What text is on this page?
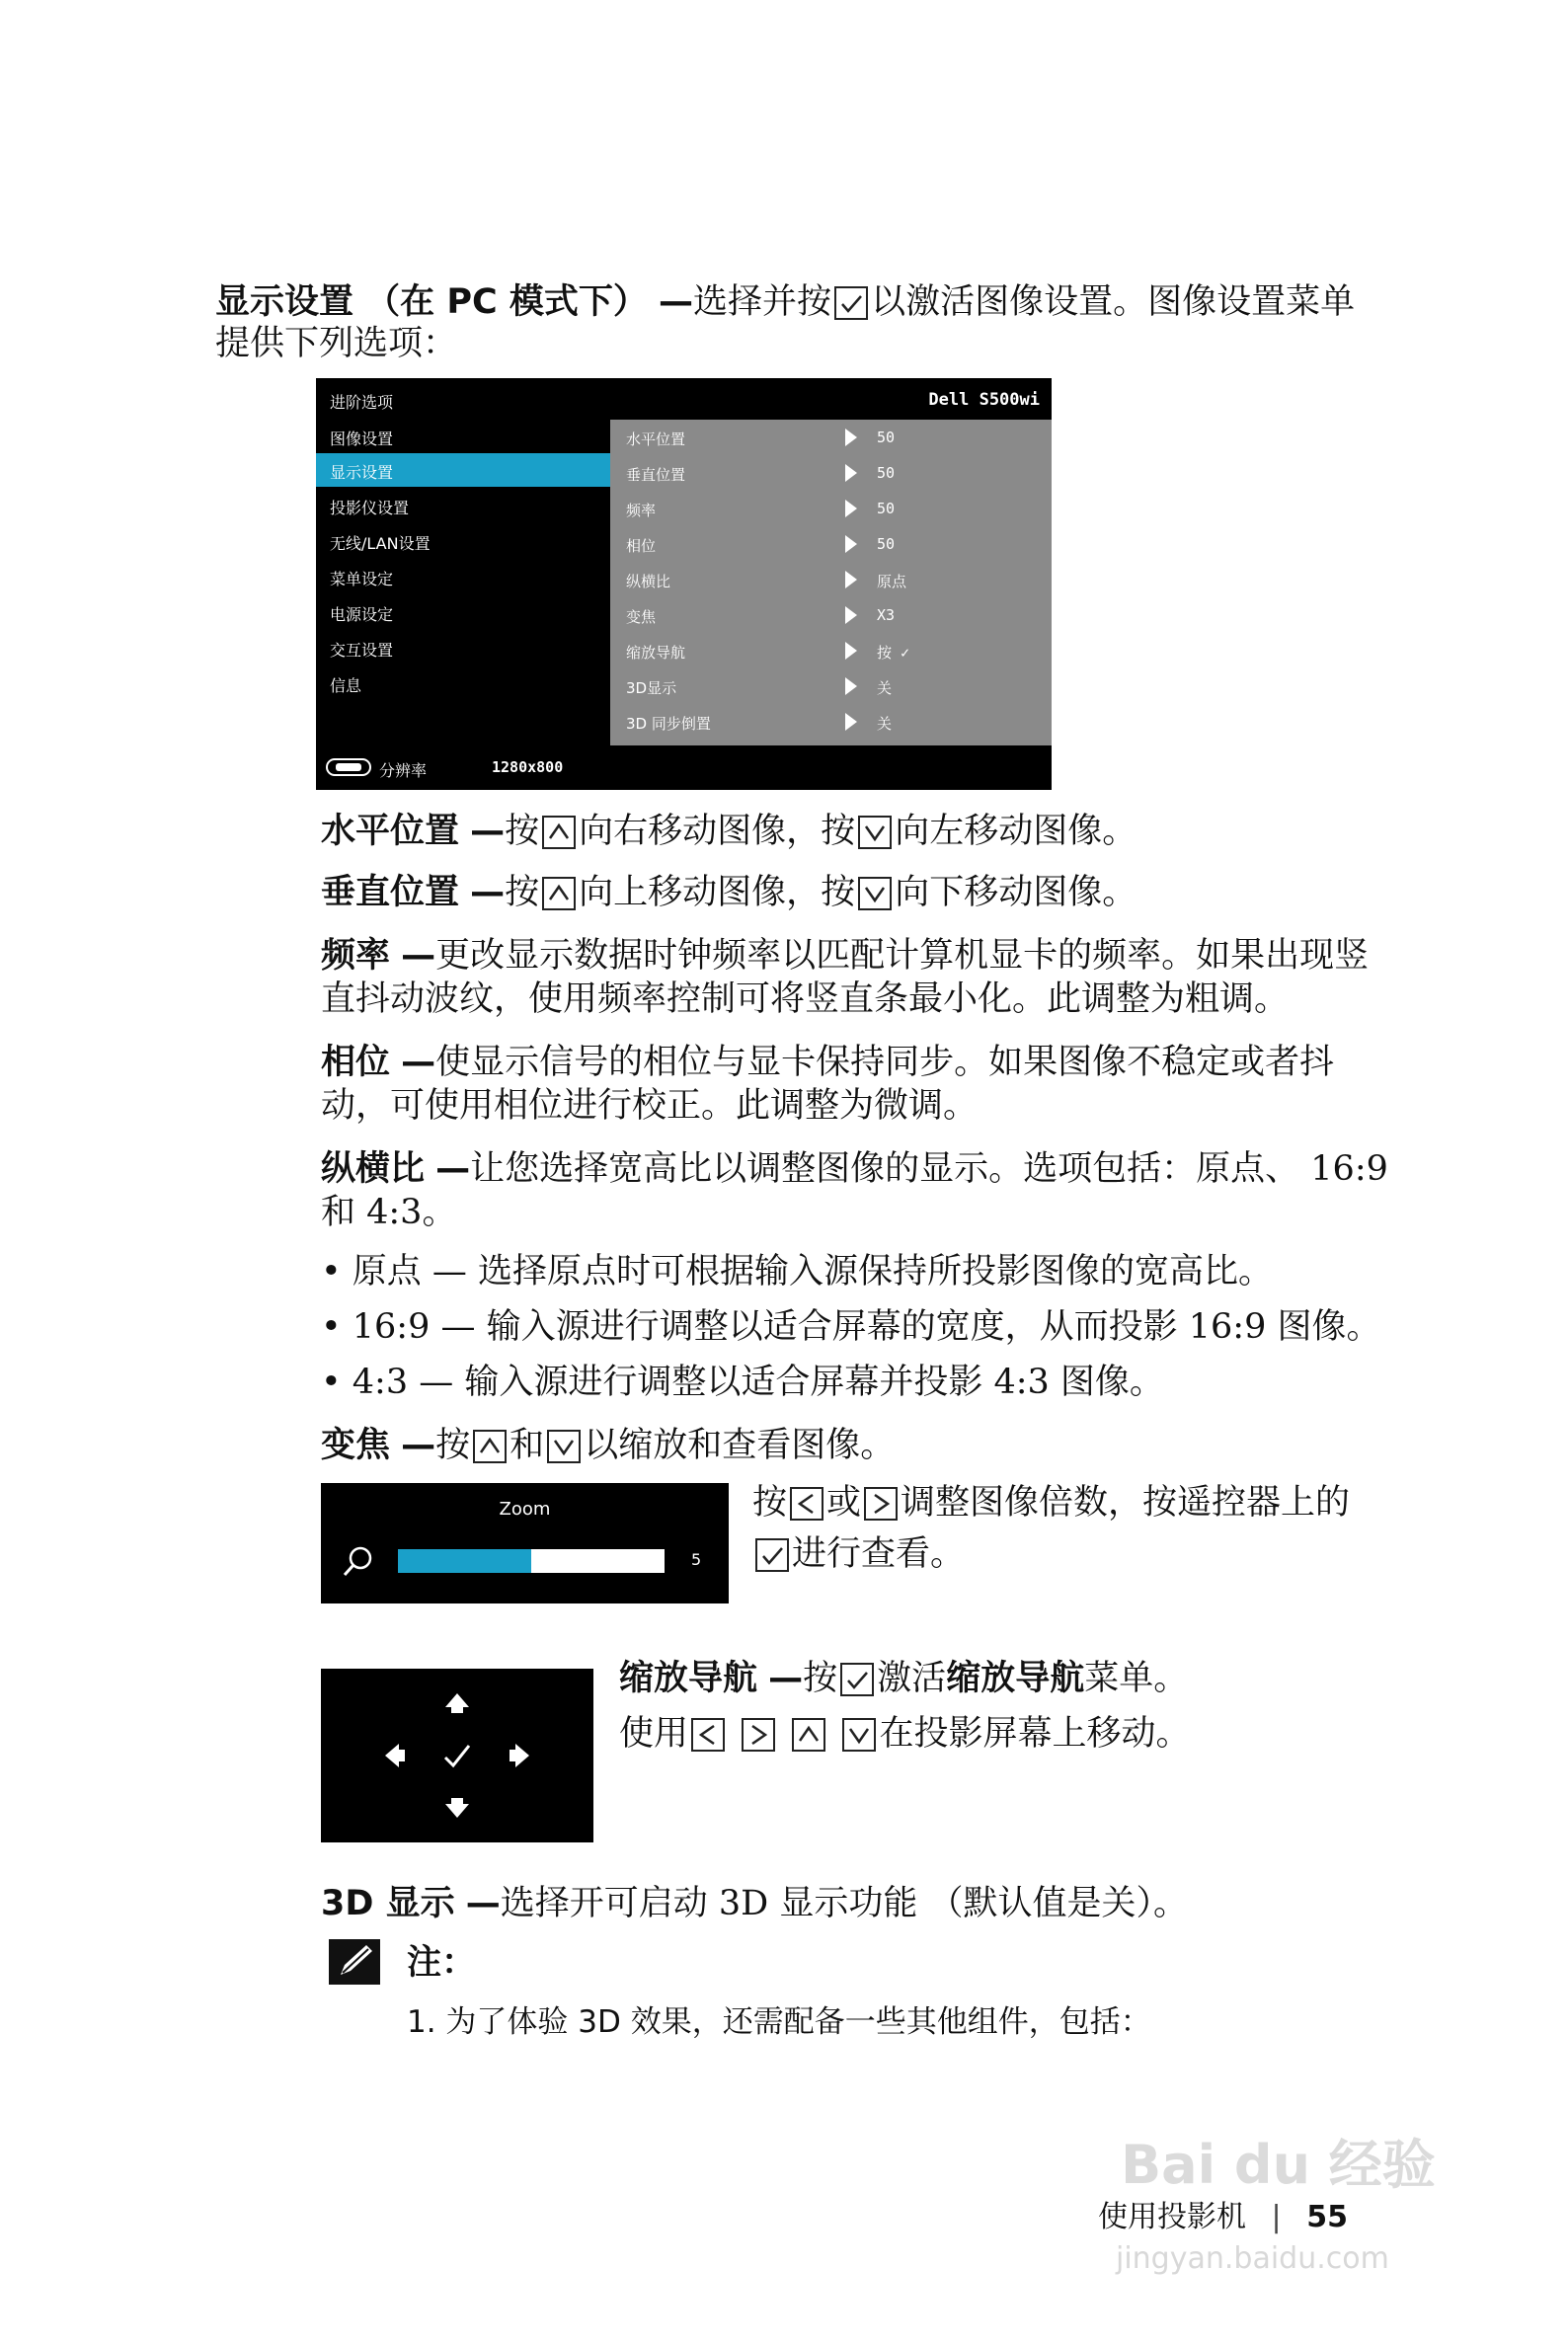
显示设置 （在 PC 模式下） —选择并按 以激活图像设置。图像设置菜单
提供下列选项：
进阶选项	Dell S500wi
图像设置
显示设置
投影仪设置
无线/LAN设置
菜单设定
电源设定
交互设置
信息
水平位置	50
垂直位置	50
频率	50
相位	50
纵横比	原点
变焦	X3
缩放导航	按 ✓
3D显示	关
3D 同步倒置	关
分辨率	1280x800
水平位置 —按 向右移动图像，按 向左移动图像。
垂直位置 —按 向上移动图像，按 向下移动图像。
频率 —更改显示数据时钟频率以匹配计算机显卡的频率。如果出现竖
直抖动波纹，使用频率控制可将竖直条最小化。此调整为粗调。
相位 —使显示信号的相位与显卡保持同步。如果图像不稳定或者抖
动，可使用相位进行校正。此调整为微调。
纵横比 —让您选择宽高比以调整图像的显示。选项包括：原点、 16:9
和 4:3。
• 原点 — 选择原点时可根据输入源保持所投影图像的宽高比。
• 16:9 — 输入源进行调整以适合屏幕的宽度，从而投影 16:9 图像。
• 4:3 — 输入源进行调整以适合屏幕并投影 4:3 图像。
变焦 —按 和 以缩放和查看图像。
Zoom
5
按 或 调整图像倍数，按遥控器上的
进行查看。
缩放导航 —按 激活缩放导航菜单。
使用

	在投影屏幕上移动。
3D 显示 —选择开可启动 3D 显示功能 （默认值是关）。
注：
1. 为了体验 3D 效果，还需配备一些其他组件，包括：
使用投影机 | 55
Bai du 经验
jingyan.baidu.com
